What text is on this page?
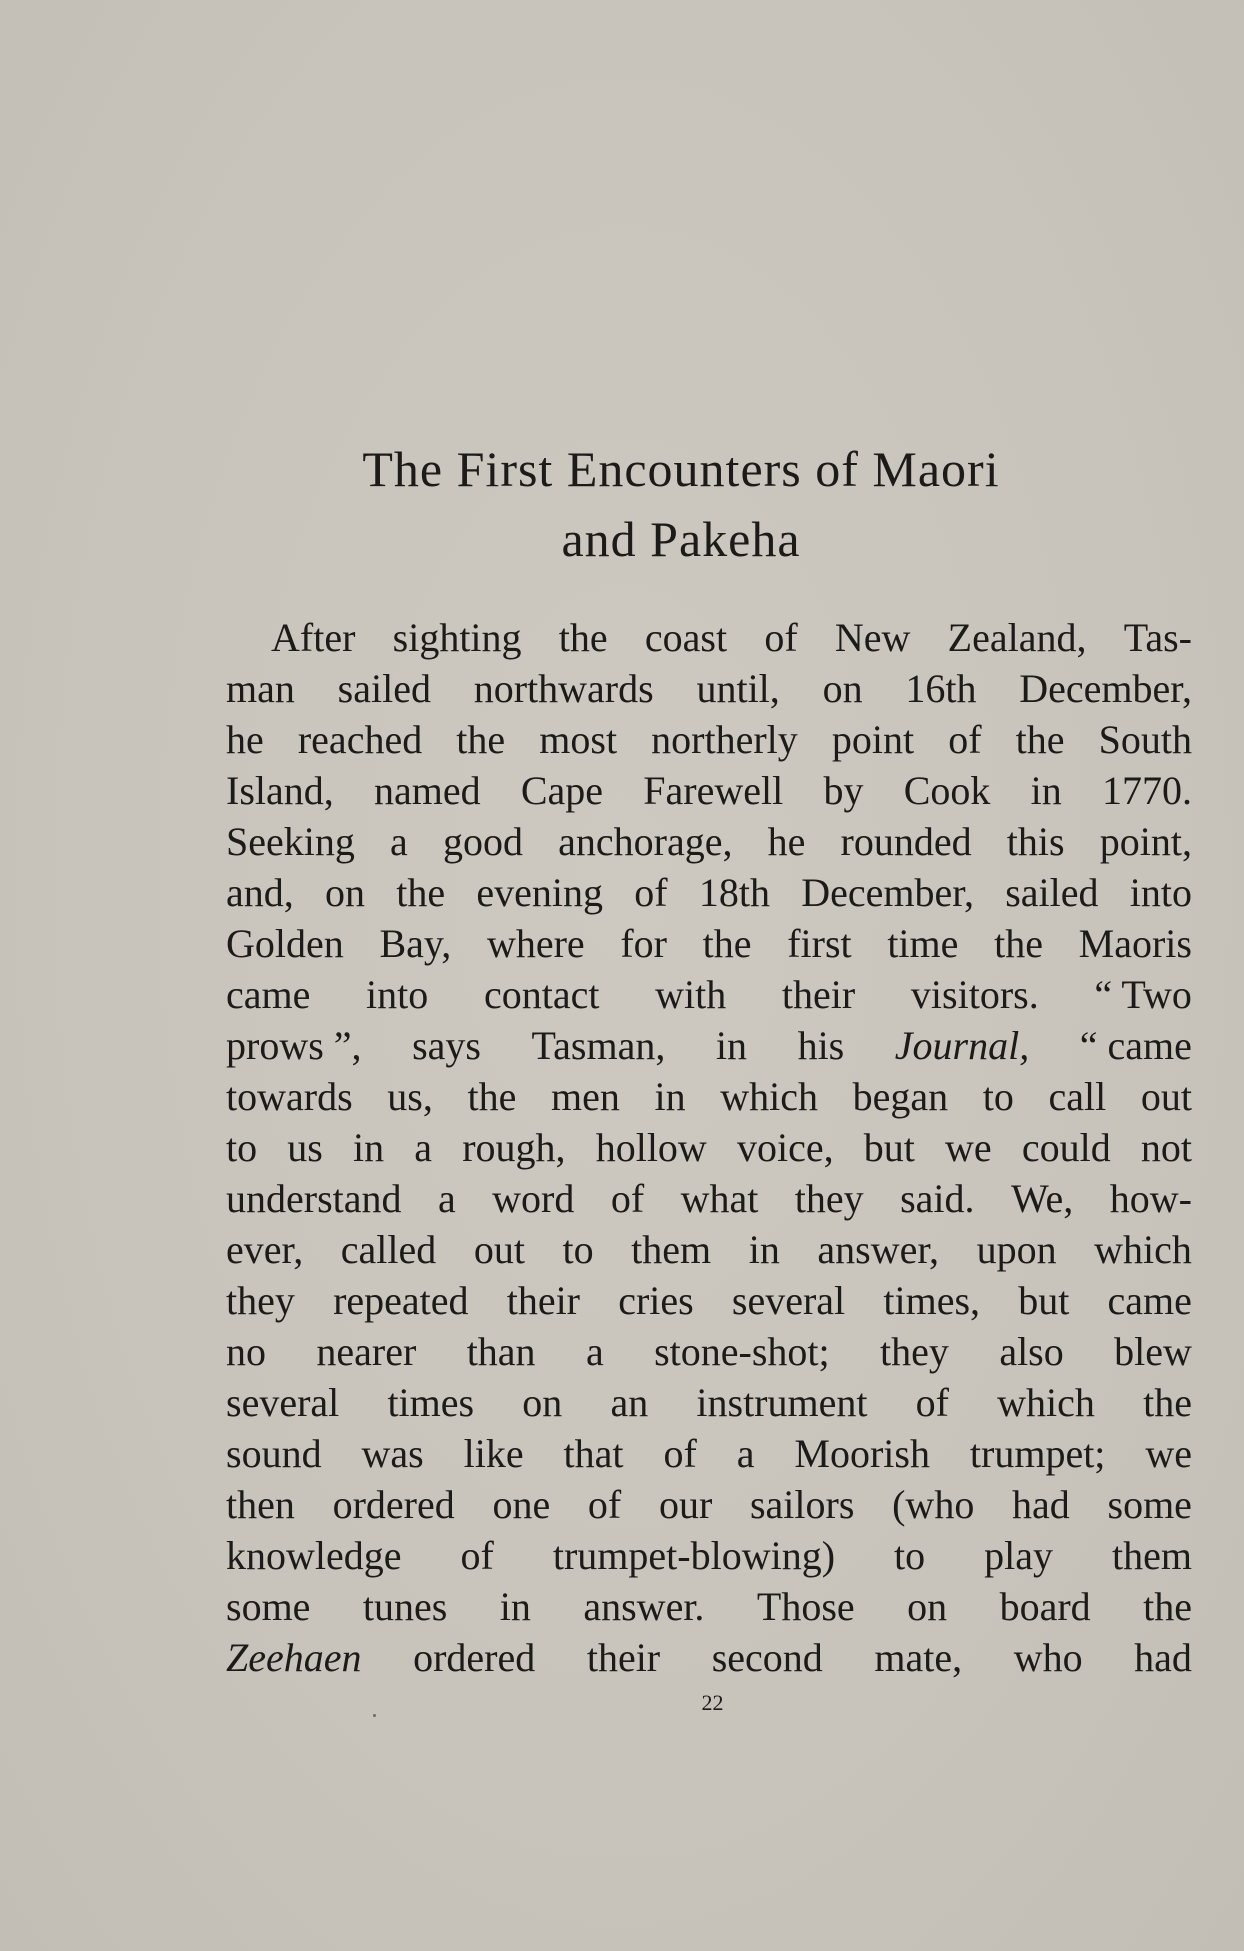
The First Encounters of Maori
and Pakeha
After sighting the coast of New Zealand, Tas-
man sailed northwards until, on 16th December,
he reached the most northerly point of the South
Island, named Cape Farewell by Cook in 1770.
Seeking a good anchorage, he rounded this point,
and, on the evening of 18th December, sailed into
Golden Bay, where for the first time the Maoris
came into contact with their visitors. “ Two
prows ”, says Tasman, in his Journal, “ came
towards us, the men in which began to call out
to us in a rough, hollow voice, but we could not
understand a word of what they said. We, how-
ever, called out to them in answer, upon which
they repeated their cries several times, but came
no nearer than a stone-shot; they also blew
several times on an instrument of which the
sound was like that of a Moorish trumpet; we
then ordered one of our sailors (who had some
knowledge of trumpet-blowing) to play them
some tunes in answer. Those on board the
Zeehaen ordered their second mate, who had
22
